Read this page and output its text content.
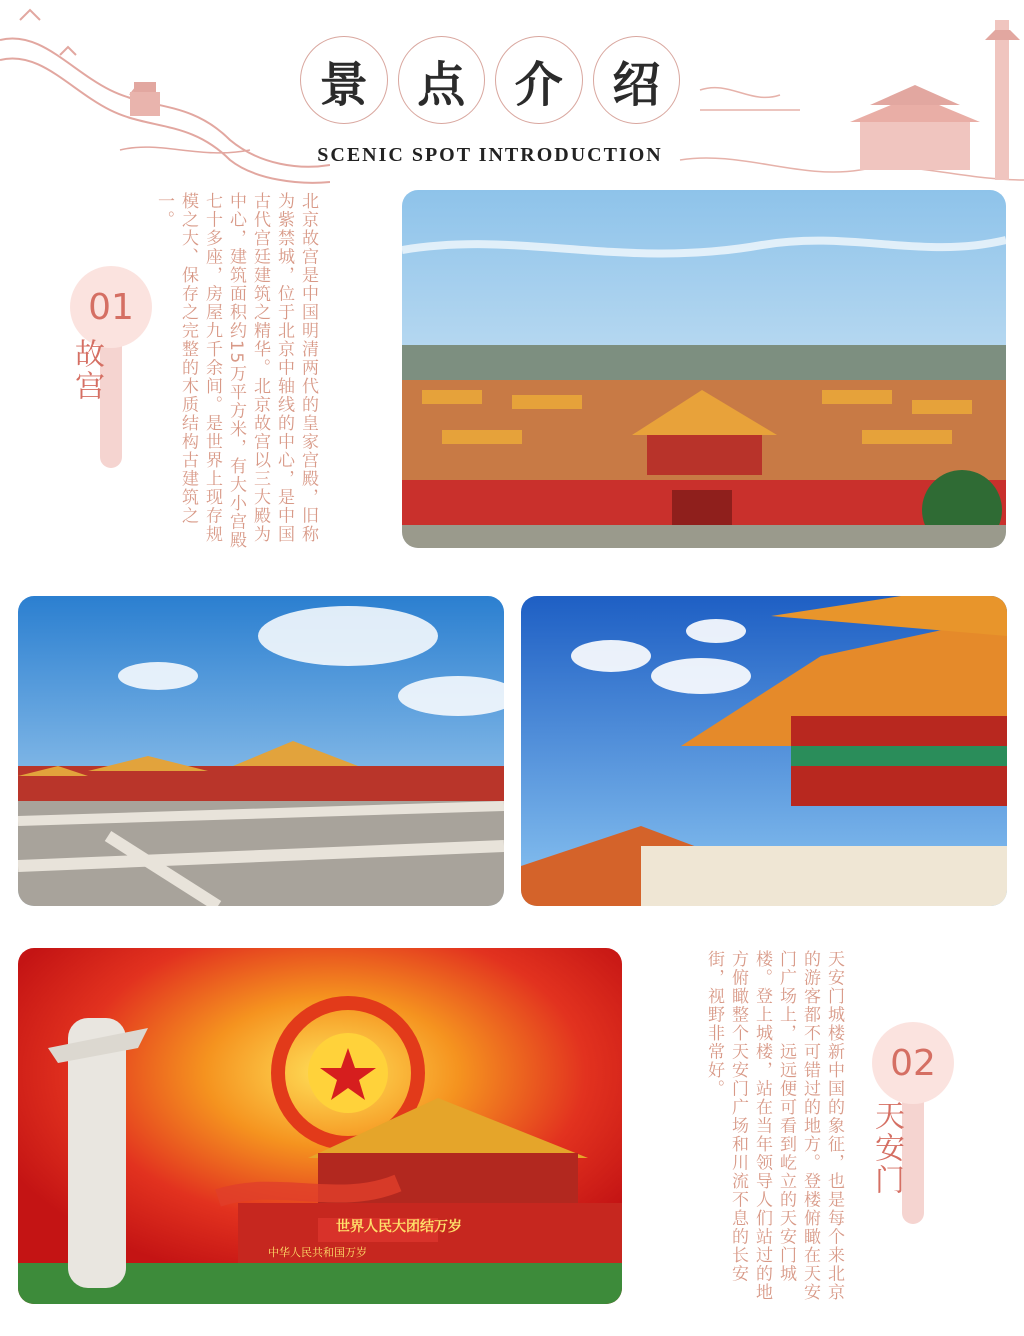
景	点	介	绍
SCENIC SPOT INTRODUCTION
01
故宫	北京故宫是中国明清两代的皇家宫殿，旧称为紫禁城，位于北京中轴线的中心，是中国古代宫廷建筑之精华。北京故宫以三大殿为中心，建筑面积约15万平方米，有大小宫殿七十多座，房屋九千余间。是世界上现存规模之大、保存之完整的木质结构古建筑之一。
世界人民大团结万岁
中华人民共和国万岁
02
天安门
天安门城楼新中国的象征，也是每个来北京的游客都不可错过的地方。登楼俯瞰在天安门广场上，远远便可看到屹立的天安门城楼。登上城楼，站在当年领导人们站过的地方俯瞰整个天安门广场和川流不息的长安街，视野非常好。
